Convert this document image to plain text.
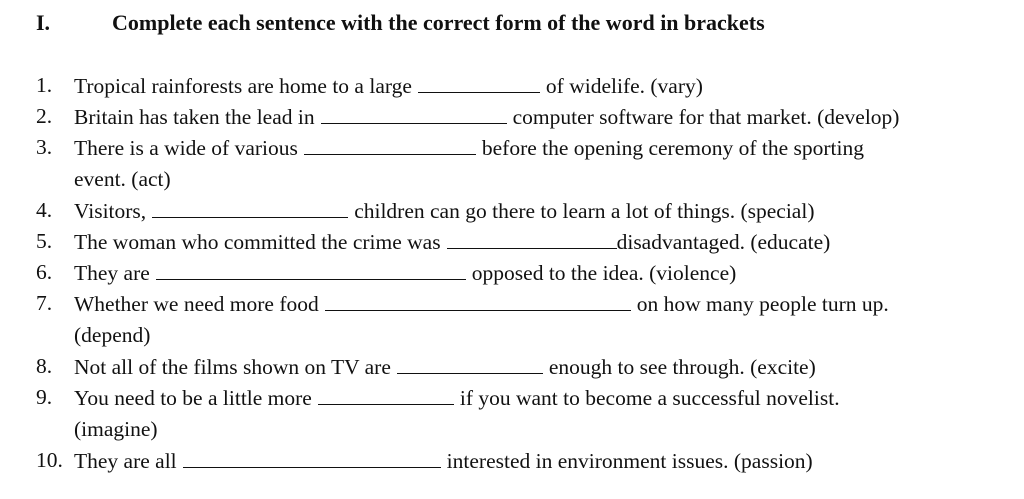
I.	Complete each sentence with the correct form of the word in brackets
1. Tropical rainforests are home to a large	of widelife. (vary)
2. Britain has taken the lead in	computer software for that market. (develop)
3. There is a wide of various	before the opening ceremony of the sporting
event. (act)
4. Visitors,	children can go there to learn a lot of things. (special)
5. The woman who committed the crime was	disadvantaged. (educate)
6. They are	opposed to the idea. (violence)
7. Whether we need more food	on how many people turn up.
(depend)
8. Not all of the films shown on TV are	enough to see through. (excite)
9. You need to be a little more	if you want to become a successful novelist.
(imagine)
10. They are all	interested in environment issues. (passion)
